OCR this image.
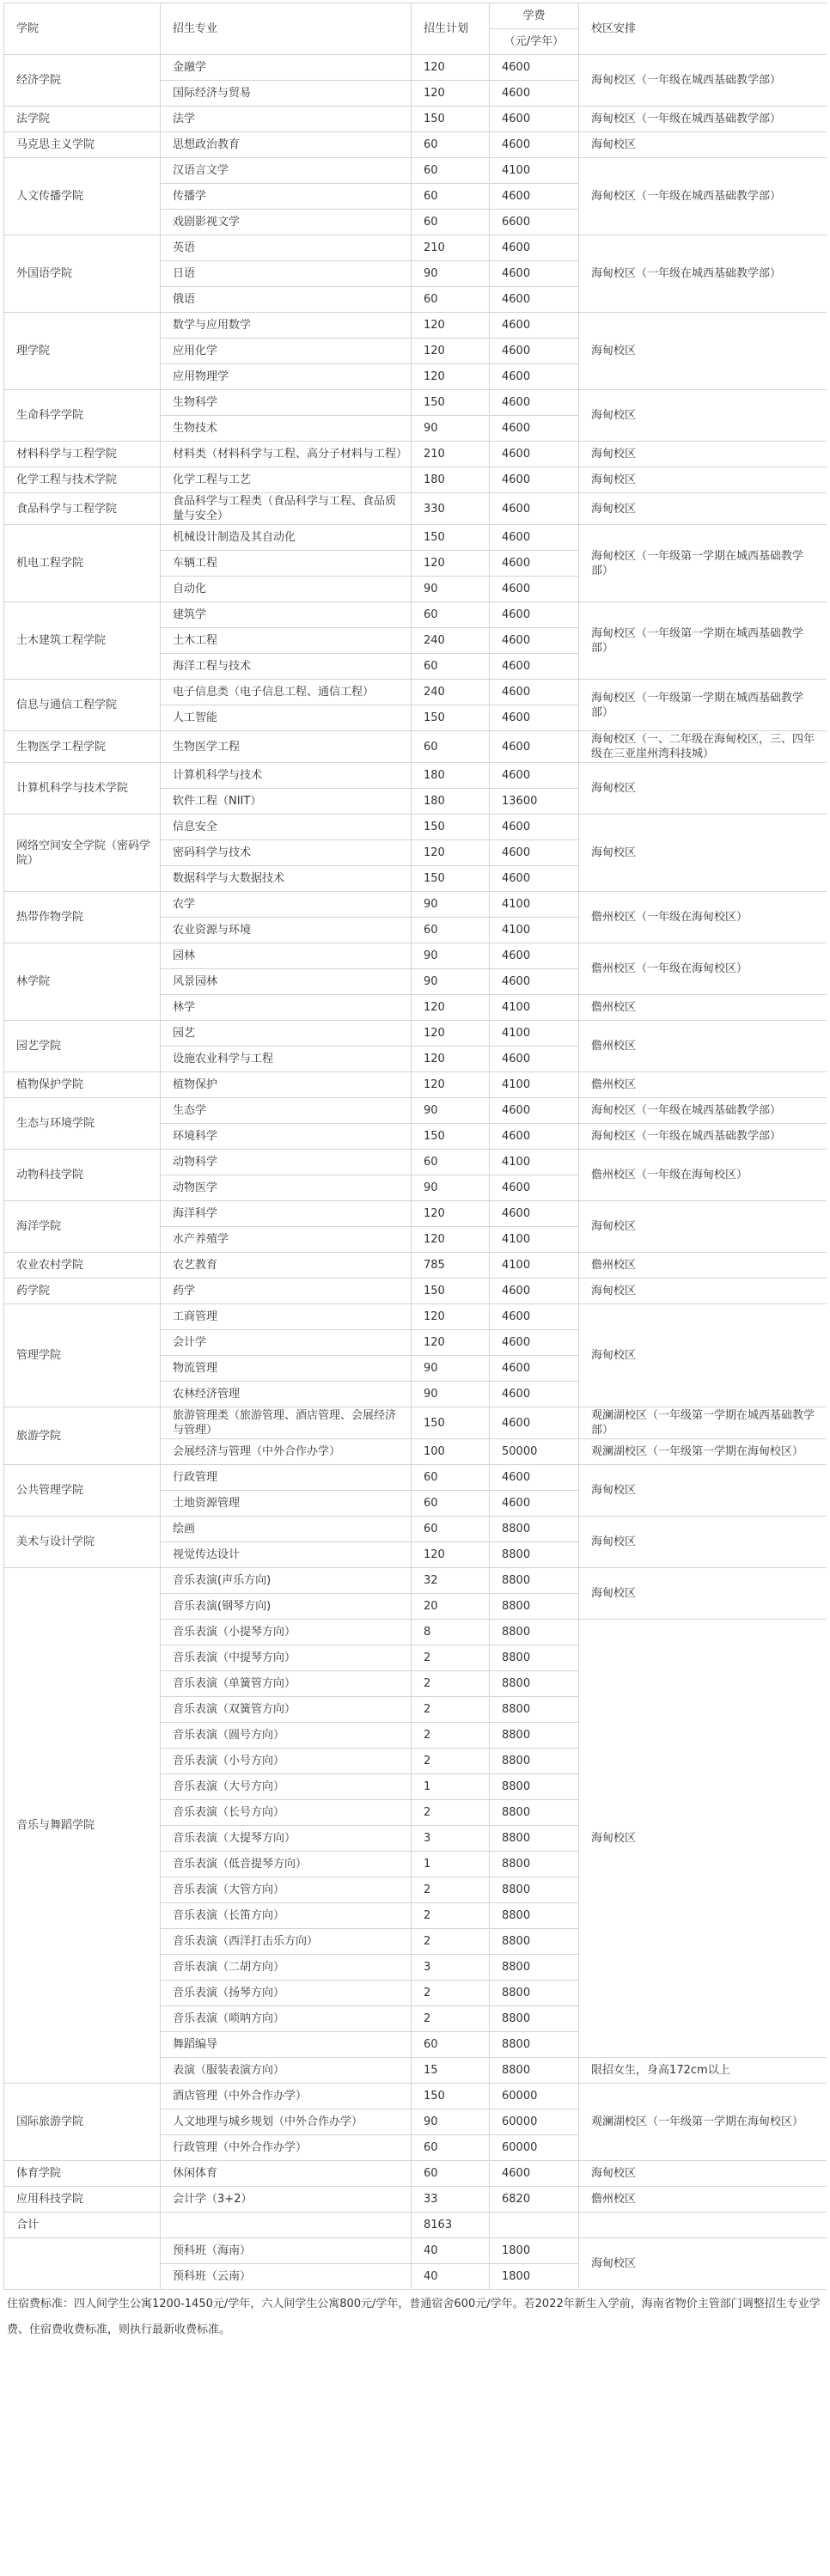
学院	招生专业	招生计划	学费
（元/学年）	校区安排
经济学院	金融学	120	4600	海甸校区（一年级在城西基础教学部）
	国际经济与贸易	120	4600	
法学院	法学	150	4600	海甸校区（一年级在城西基础教学部）
马克思主义学院	思想政治教育	60	4600	海甸校区
人文传播学院	汉语言文学	60	4100	海甸校区（一年级在城西基础教学部）
	传播学	60	4600	
	戏剧影视文学	60	6600	
外国语学院	英语	210	4600	海甸校区（一年级在城西基础教学部）
	日语	90	4600	
	俄语	60	4600	
理学院	数学与应用数学	120	4600	海甸校区
	应用化学	120	4600	
	应用物理学	120	4600	
生命科学学院	生物科学	150	4600	海甸校区
	生物技术	90	4600	
材料科学与工程学院	材料类（材料科学与工程、高分子材料与工程）	210	4600	海甸校区
化学工程与技术学院	化学工程与工艺	180	4600	海甸校区
食品科学与工程学院	食品科学与工程类（食品科学与工程、食品质量与安全）	330	4600	海甸校区
机电工程学院	机械设计制造及其自动化	150	4600	海甸校区（一年级第一学期在城西基础教学部）
	车辆工程	120	4600	
	自动化	90	4600	
土木建筑工程学院	建筑学	60	4600	海甸校区（一年级第一学期在城西基础教学部）
	土木工程	240	4600	
	海洋工程与技术	60	4600	
信息与通信工程学院	电子信息类（电子信息工程、通信工程）	240	4600	海甸校区（一年级第一学期在城西基础教学部）
	人工智能	150	4600	
生物医学工程学院	生物医学工程	60	4600	海甸校区（一、二年级在海甸校区，三、四年级在三亚崖州湾科技城）
计算机科学与技术学院	计算机科学与技术	180	4600	海甸校区
	软件工程（NIIT）	180	13600	
网络空间安全学院（密码学院）	信息安全	150	4600	海甸校区
	密码科学与技术	120	4600	
	数据科学与大数据技术	150	4600	
热带作物学院	农学	90	4100	儋州校区（一年级在海甸校区）
	农业资源与环境	60	4100	
林学院	园林	90	4600	儋州校区（一年级在海甸校区）
	风景园林	90	4600	
	林学	120	4100	儋州校区
园艺学院	园艺	120	4100	儋州校区
	设施农业科学与工程	120	4600	
植物保护学院	植物保护	120	4100	儋州校区
生态与环境学院	生态学	90	4600	海甸校区（一年级在城西基础教学部）
	环境科学	150	4600	海甸校区（一年级在城西基础教学部）
动物科技学院	动物科学	60	4100	儋州校区（一年级在海甸校区）
	动物医学	90	4600	
海洋学院	海洋科学	120	4600	海甸校区
	水产养殖学	120	4100	
农业农村学院	农艺教育	785	4100	儋州校区
药学院	药学	150	4600	海甸校区
管理学院	工商管理	120	4600	海甸校区
	会计学	120	4600	
	物流管理	90	4600	
	农林经济管理	90	4600	
旅游学院	旅游管理类（旅游管理、酒店管理、会展经济与管理）	150	4600	观澜湖校区（一年级第一学期在城西基础教学部）
	会展经济与管理（中外合作办学）	100	50000	观澜湖校区（一年级第一学期在海甸校区）
公共管理学院	行政管理	60	4600	海甸校区
	土地资源管理	60	4600	
美术与设计学院	绘画	60	8800	海甸校区
	视觉传达设计	120	8800	
音乐与舞蹈学院	音乐表演(声乐方向)	32	8800	海甸校区
	音乐表演(钢琴方向)	20	8800	
	音乐表演（小提琴方向）	8	8800	海甸校区
	音乐表演（中提琴方向）	2	8800	
	音乐表演（单簧管方向）	2	8800	
	音乐表演（双簧管方向）	2	8800	
	音乐表演（圆号方向）	2	8800	
	音乐表演（小号方向）	2	8800	
	音乐表演（大号方向）	1	8800	
	音乐表演（长号方向）	2	8800	
	音乐表演（大提琴方向）	3	8800	
	音乐表演（低音提琴方向）	1	8800	
	音乐表演（大管方向）	2	8800	
	音乐表演（长笛方向）	2	8800	
	音乐表演（西洋打击乐方向）	2	8800	
	音乐表演（二胡方向）	3	8800	
	音乐表演（扬琴方向）	2	8800	
	音乐表演（唢呐方向）	2	8800	
	舞蹈编导	60	8800	
	表演（服装表演方向）	15	8800	限招女生，身高172cm以上
国际旅游学院	酒店管理（中外合作办学）	150	60000	观澜湖校区（一年级第一学期在海甸校区）
	人文地理与城乡规划（中外合作办学）	90	60000	
	行政管理（中外合作办学）	60	60000	
体育学院	休闲体育	60	4600	海甸校区
应用科技学院	会计学（3+2）	33	6820	儋州校区
合计		8163		
	预科班（海南）	40	1800	海甸校区
	预科班（云南）	40	1800	
住宿费标准：四人间学生公寓1200-1450元/学年，六人间学生公寓800元/学年，普通宿舍600元/学年。若2022年新生入学前，海南省物价主管部门调整招生专业学费、住宿费收费标准，则执行最新收费标准。
